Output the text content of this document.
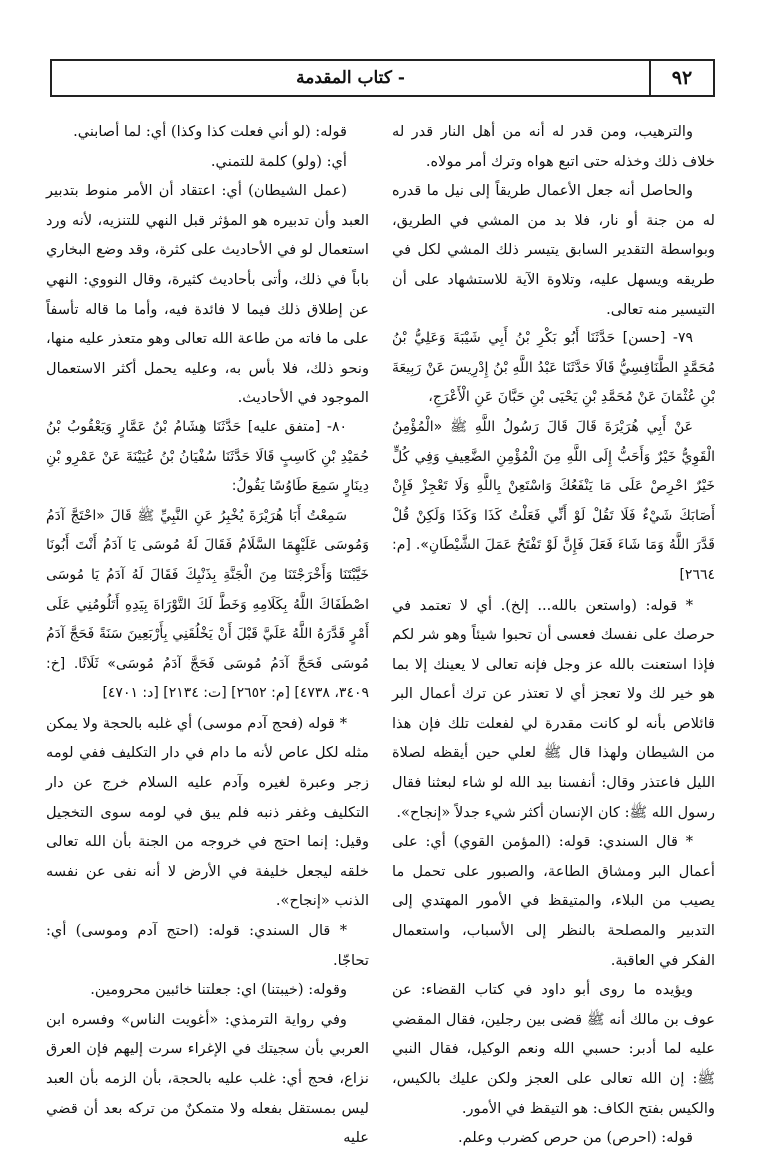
٩٢
- كتاب المقدمة

والترهيب، ومن قدر له أنه من أهل النار قدر له خلاف ذلك وخذله حتى اتبع هواه وترك أمر مولاه.

والحاصل أنه جعل الأعمال طريقاً إلى نيل ما قدره له من جنة أو نار، فلا بد من المشي في الطريق، وبواسطة التقدير السابق يتيسر ذلك المشي لكل في طريقه ويسهل عليه، وتلاوة الآية للاستشهاد على أن التيسير منه تعالى.

٧٩- [حسن] حَدَّثَنَا أَبُو بَكْرِ بْنُ أَبِي شَيْبَةَ وَعَلِيُّ بْنُ مُحَمَّدٍ الطَّنَافِسِيُّ قَالَا حَدَّثَنَا عَبْدُ اللَّهِ بْنُ إِدْرِيسَ عَنْ رَبِيعَةَ بْنِ عُثْمَانَ عَنْ مُحَمَّدِ بْنِ يَحْيَى بْنِ حَبَّانَ عَنِ الْأَعْرَجِ،

عَنْ أَبِي هُرَيْرَةَ قَالَ قَالَ رَسُولُ اللَّهِ ﷺ «الْمُؤْمِنُ الْقَوِيُّ خَيْرٌ وَأَحَبُّ إِلَى اللَّهِ مِنَ الْمُؤْمِنِ الضَّعِيفِ وَفِي كُلٍّ خَيْرٌ احْرِصْ عَلَى مَا يَنْفَعُكَ وَاسْتَعِنْ بِاللَّهِ وَلَا تَعْجِزْ فَإِنْ أَصَابَكَ شَيْءٌ فَلَا تَقُلْ لَوْ أَنِّي فَعَلْتُ كَذَا وَكَذَا وَلَكِنْ قُلْ قَدَّرَ اللَّهُ وَمَا شَاءَ فَعَلَ فَإِنَّ لَوْ تَفْتَحُ عَمَلَ الشَّيْطَانِ». [م: ٢٦٦٤]

* قوله: (واستعن بالله... إلخ). أي لا تعتمد في حرصك على نفسك فعسى أن تحبوا شيئاً وهو شر لكم فإذا استعنت بالله عز وجل فإنه تعالى لا يعينك إلا بما هو خير لك ولا تعجز أي لا تعتذر عن ترك أعمال البر قائلاص بأنه لو كانت مقدرة لي لفعلت تلك فإن هذا من الشيطان ولهذا قال ﷺ لعلي حين أيقظه لصلاة الليل فاعتذر وقال: أنفسنا بيد الله لو شاء لبعثنا فقال رسول الله ﷺ: كان الإنسان أكثر شيء جدلاً «إنجاح».

* قال السندي: قوله: (المؤمن القوي) أي: على أعمال البر ومشاق الطاعة، والصبور على تحمل ما يصيب من البلاء، والمتيقظ في الأمور المهتدي إلى التدبير والمصلحة بالنظر إلى الأسباب، واستعمال الفكر في العاقبة.

ويؤيده ما روى أبو داود في كتاب القضاء: عن عوف بن مالك أنه ﷺ قضى بين رجلين، فقال المقضي عليه لما أدبر: حسبي الله ونعم الوكيل، فقال النبي ﷺ: إن الله تعالى على العجز ولكن عليك بالكيس، والكيس بفتح الكاف: هو التيقظ في الأمور.

قوله: (احرص) من حرص كضرب وعلم.

قوله: (لو أني فعلت كذا وكذا) أي: لما أصابني.

أي: (ولو) كلمة للتمني.

(عمل الشيطان) أي: اعتقاد أن الأمر منوط بتدبير العبد وأن تدبيره هو المؤثر قبل النهي للتنزيه، لأنه ورد استعمال لو في الأحاديث على كثرة، وقد وضع البخاري باباً في ذلك، وأتى بأحاديث كثيرة، وقال النووي: النهي عن إطلاق ذلك فيما لا فائدة فيه، وأما ما قاله تأسفاً على ما فاته من طاعة الله تعالى وهو متعذر عليه منها، ونحو ذلك، فلا بأس به، وعليه يحمل أكثر الاستعمال الموجود في الأحاديث.

٨٠- [متفق عليه] حَدَّثَنَا هِشَامُ بْنُ عَمَّارٍ وَيَعْقُوبُ بْنُ حُمَيْدِ بْنِ كَاسِبٍ قَالَا حَدَّثَنَا سُفْيَانُ بْنُ عُيَيْنَةَ عَنْ عَمْرِو بْنِ دِينَارٍ سَمِعَ طَاوُسًا يَقُولُ:

سَمِعْتُ أَبَا هُرَيْرَةَ يُخْبِرُ عَنِ النَّبِيِّ ﷺ قَالَ «احْتَجَّ آدَمُ وَمُوسَى عَلَيْهِمَا السَّلَامُ فَقَالَ لَهُ مُوسَى يَا آدَمُ أَنْتَ أَبُونَا خَيَّبْتَنَا وَأَخْرَجْتَنَا مِنَ الْجَنَّةِ بِذَنْبِكَ فَقَالَ لَهُ آدَمُ يَا مُوسَى اصْطَفَاكَ اللَّهُ بِكَلَامِهِ وَخَطَّ لَكَ التَّوْرَاةَ بِيَدِهِ أَتَلُومُنِي عَلَى أَمْرٍ قَدَّرَهُ اللَّهُ عَلَيَّ قَبْلَ أَنْ يَخْلُقَنِي بِأَرْبَعِينَ سَنَةً فَحَجَّ آدَمُ مُوسَى فَحَجَّ آدَمُ مُوسَى فَحَجَّ آدَمُ مُوسَى» ثَلَاثًا. [خ: ٣٤٠٩، ٤٧٣٨] [م: ٢٦٥٢] [ت: ٢١٣٤] [د: ٤٧٠١]

* قوله (فحج آدم موسى) أي غلبه بالحجة ولا يمكن مثله لكل عاص لأنه ما دام في دار التكليف ففي لومه زجر وعبرة لغيره وآدم عليه السلام خرج عن دار التكليف وغفر ذنبه فلم يبق في لومه سوى التخجيل وقيل: إنما احتج في خروجه من الجنة بأن الله تعالى خلقه ليجعل خليفة في الأرض لا أنه نفى عن نفسه الذنب «إنجاح».

* قال السندي: قوله: (احتج آدم وموسى) أي: تحاجّا.

وقوله: (خيبتنا) اي: جعلتنا خائبين محرومين.

وفي رواية الترمذي: «أغويت الناس» وفسره ابن العربي بأن سجيتك في الإغراء سرت إليهم فإن العرق نزاع، فحج أي: غلب عليه بالحجة، بأن الزمه بأن العبد ليس بمستقل بفعله ولا متمكنٌ من تركه بعد أن قضي عليه
